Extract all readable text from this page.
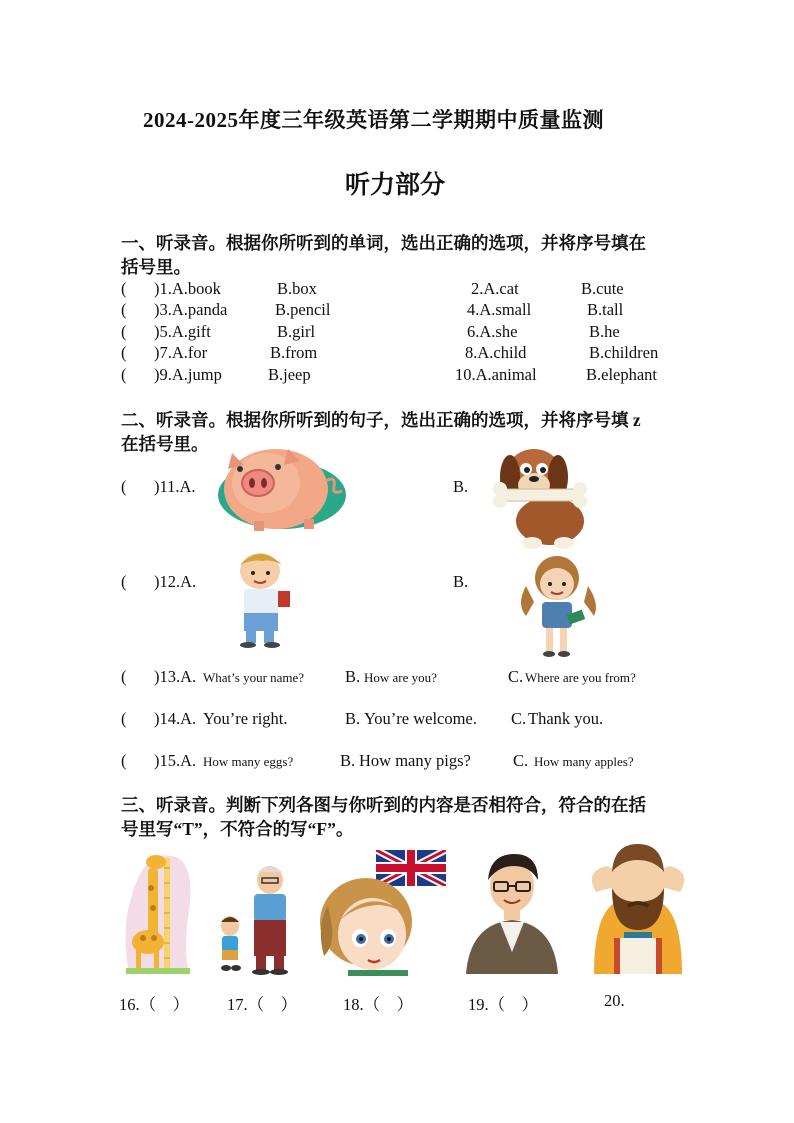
2024-2025年度三年级英语第二学期期中质量监测
听力部分
一、听录音。根据你所听到的单词，选出正确的选项，并将序号填在
括号里。
( )1.A.book	B.box	2.A.cat	B.cute
( )3.A.panda	B.pencil	4.A.small	B.tall
( )5.A.gift	B.girl	6.A.she	B.he
( )7.A.for	B.from	8.A.child	B.children
( )9.A.jump	B.jeep	10.A.animal	B.elephant
二、听录音。根据你所听到的句子，选出正确的选项，并将序号填 z
在括号里。
( )11.A.	B.
( )12.A.	B.
( )13.A. What’s your name? B. How are you?	C. Where are you from?
( )14.A. You’re right.	B. You’re welcome. C. Thank you.
( )15.A. How many eggs?	B. How many pigs?	C. How many apples?
三、听录音。判断下列各图与你听到的内容是否相符合，符合的在括
号里写“T”，不符合的写“F”。
16.（　） 17.（　）	18.（　）	19.（　）	20.
